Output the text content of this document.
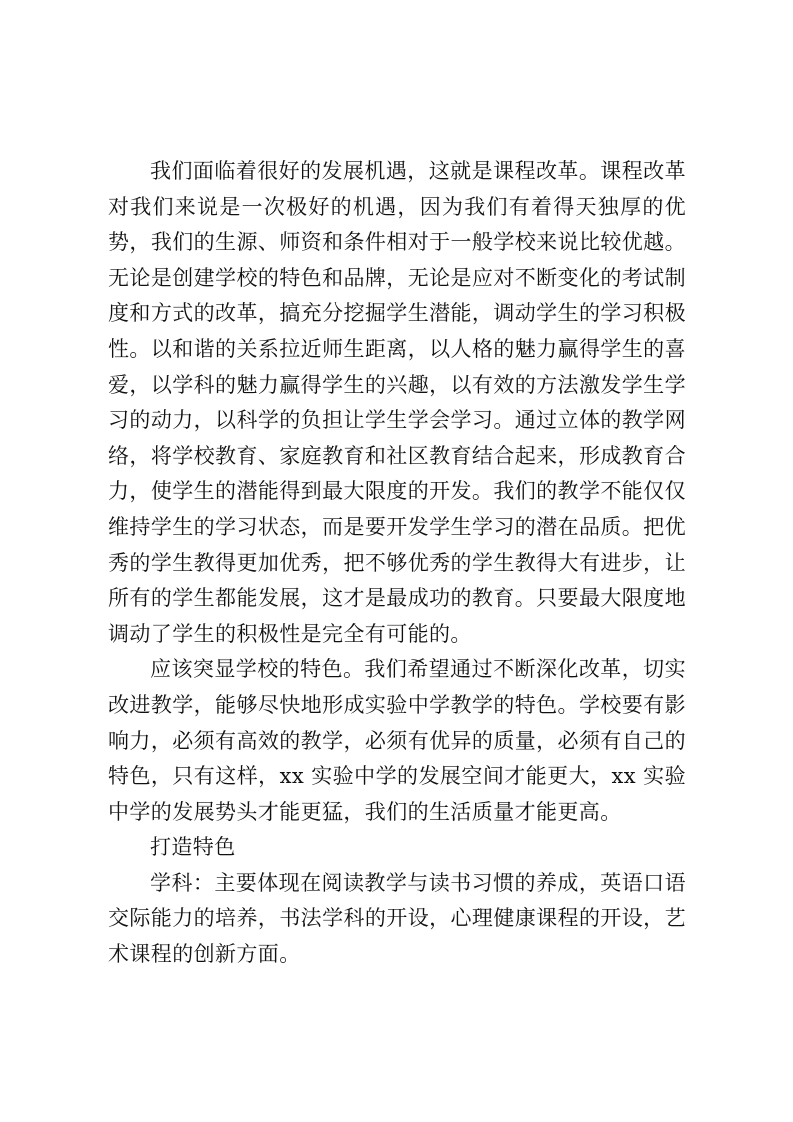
我们面临着很好的发展机遇，这就是课程改革。课程改革对我们来说是一次极好的机遇，因为我们有着得天独厚的优势，我们的生源、师资和条件相对于一般学校来说比较优越。无论是创建学校的特色和品牌，无论是应对不断变化的考试制度和方式的改革，搞充分挖掘学生潜能，调动学生的学习积极性。以和谐的关系拉近师生距离，以人格的魅力赢得学生的喜爱，以学科的魅力赢得学生的兴趣，以有效的方法激发学生学习的动力，以科学的负担让学生学会学习。通过立体的教学网络，将学校教育、家庭教育和社区教育结合起来，形成教育合力，使学生的潜能得到最大限度的开发。我们的教学不能仅仅维持学生的学习状态，而是要开发学生学习的潜在品质。把优秀的学生教得更加优秀，把不够优秀的学生教得大有进步，让所有的学生都能发展，这才是最成功的教育。只要最大限度地调动了学生的积极性是完全有可能的。

应该突显学校的特色。我们希望通过不断深化改革，切实改进教学，能够尽快地形成实验中学教学的特色。学校要有影响力，必须有高效的教学，必须有优异的质量，必须有自己的特色，只有这样，xx 实验中学的发展空间才能更大，xx 实验中学的发展势头才能更猛，我们的生活质量才能更高。

打造特色

学科：主要体现在阅读教学与读书习惯的养成，英语口语交际能力的培养，书法学科的开设，心理健康课程的开设，艺术课程的创新方面。
